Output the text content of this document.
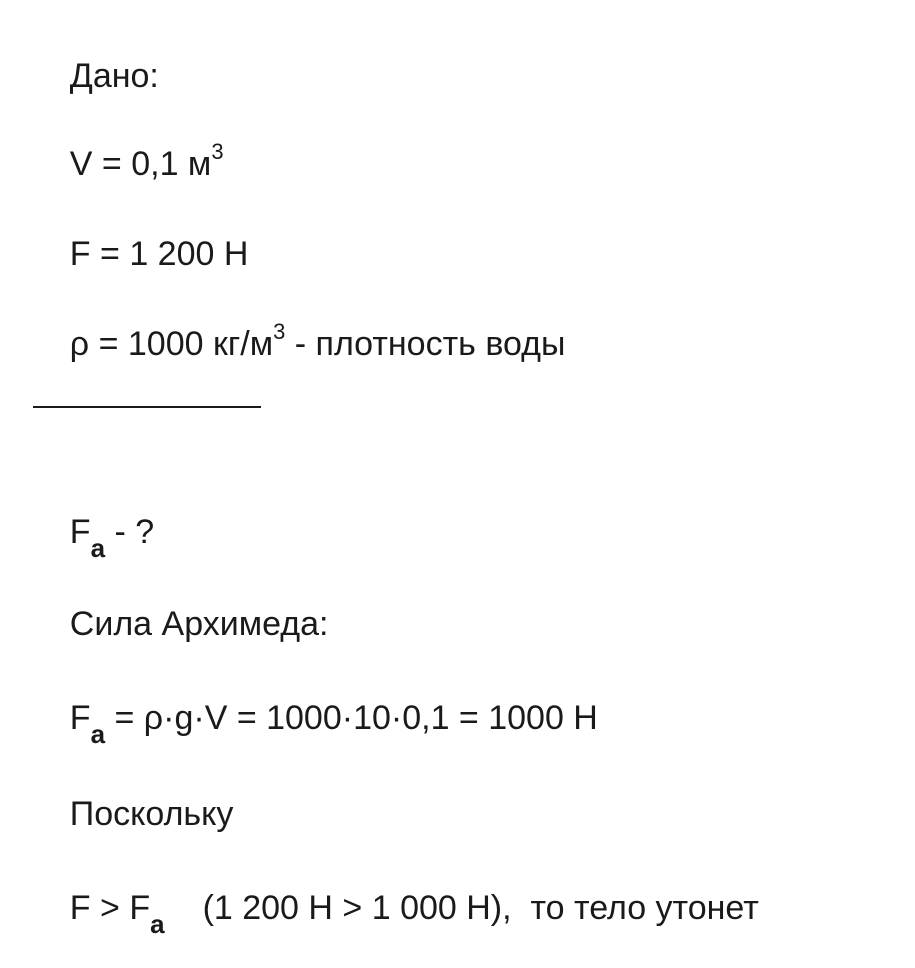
Дано:

V = 0,1 $м^3$

F = 1 200 Н

ρ = 1000 $кг/м^3$ - плотность воды

$F_a$ - ?

Сила Архимеда:

$F_a = \rho\cdot g\cdot V = 1000\cdot 10\cdot 0,1 = 1000$ Н

Поскольку

$F > F_a$ (1 200 Н > 1 000 Н),  то тело утонет
